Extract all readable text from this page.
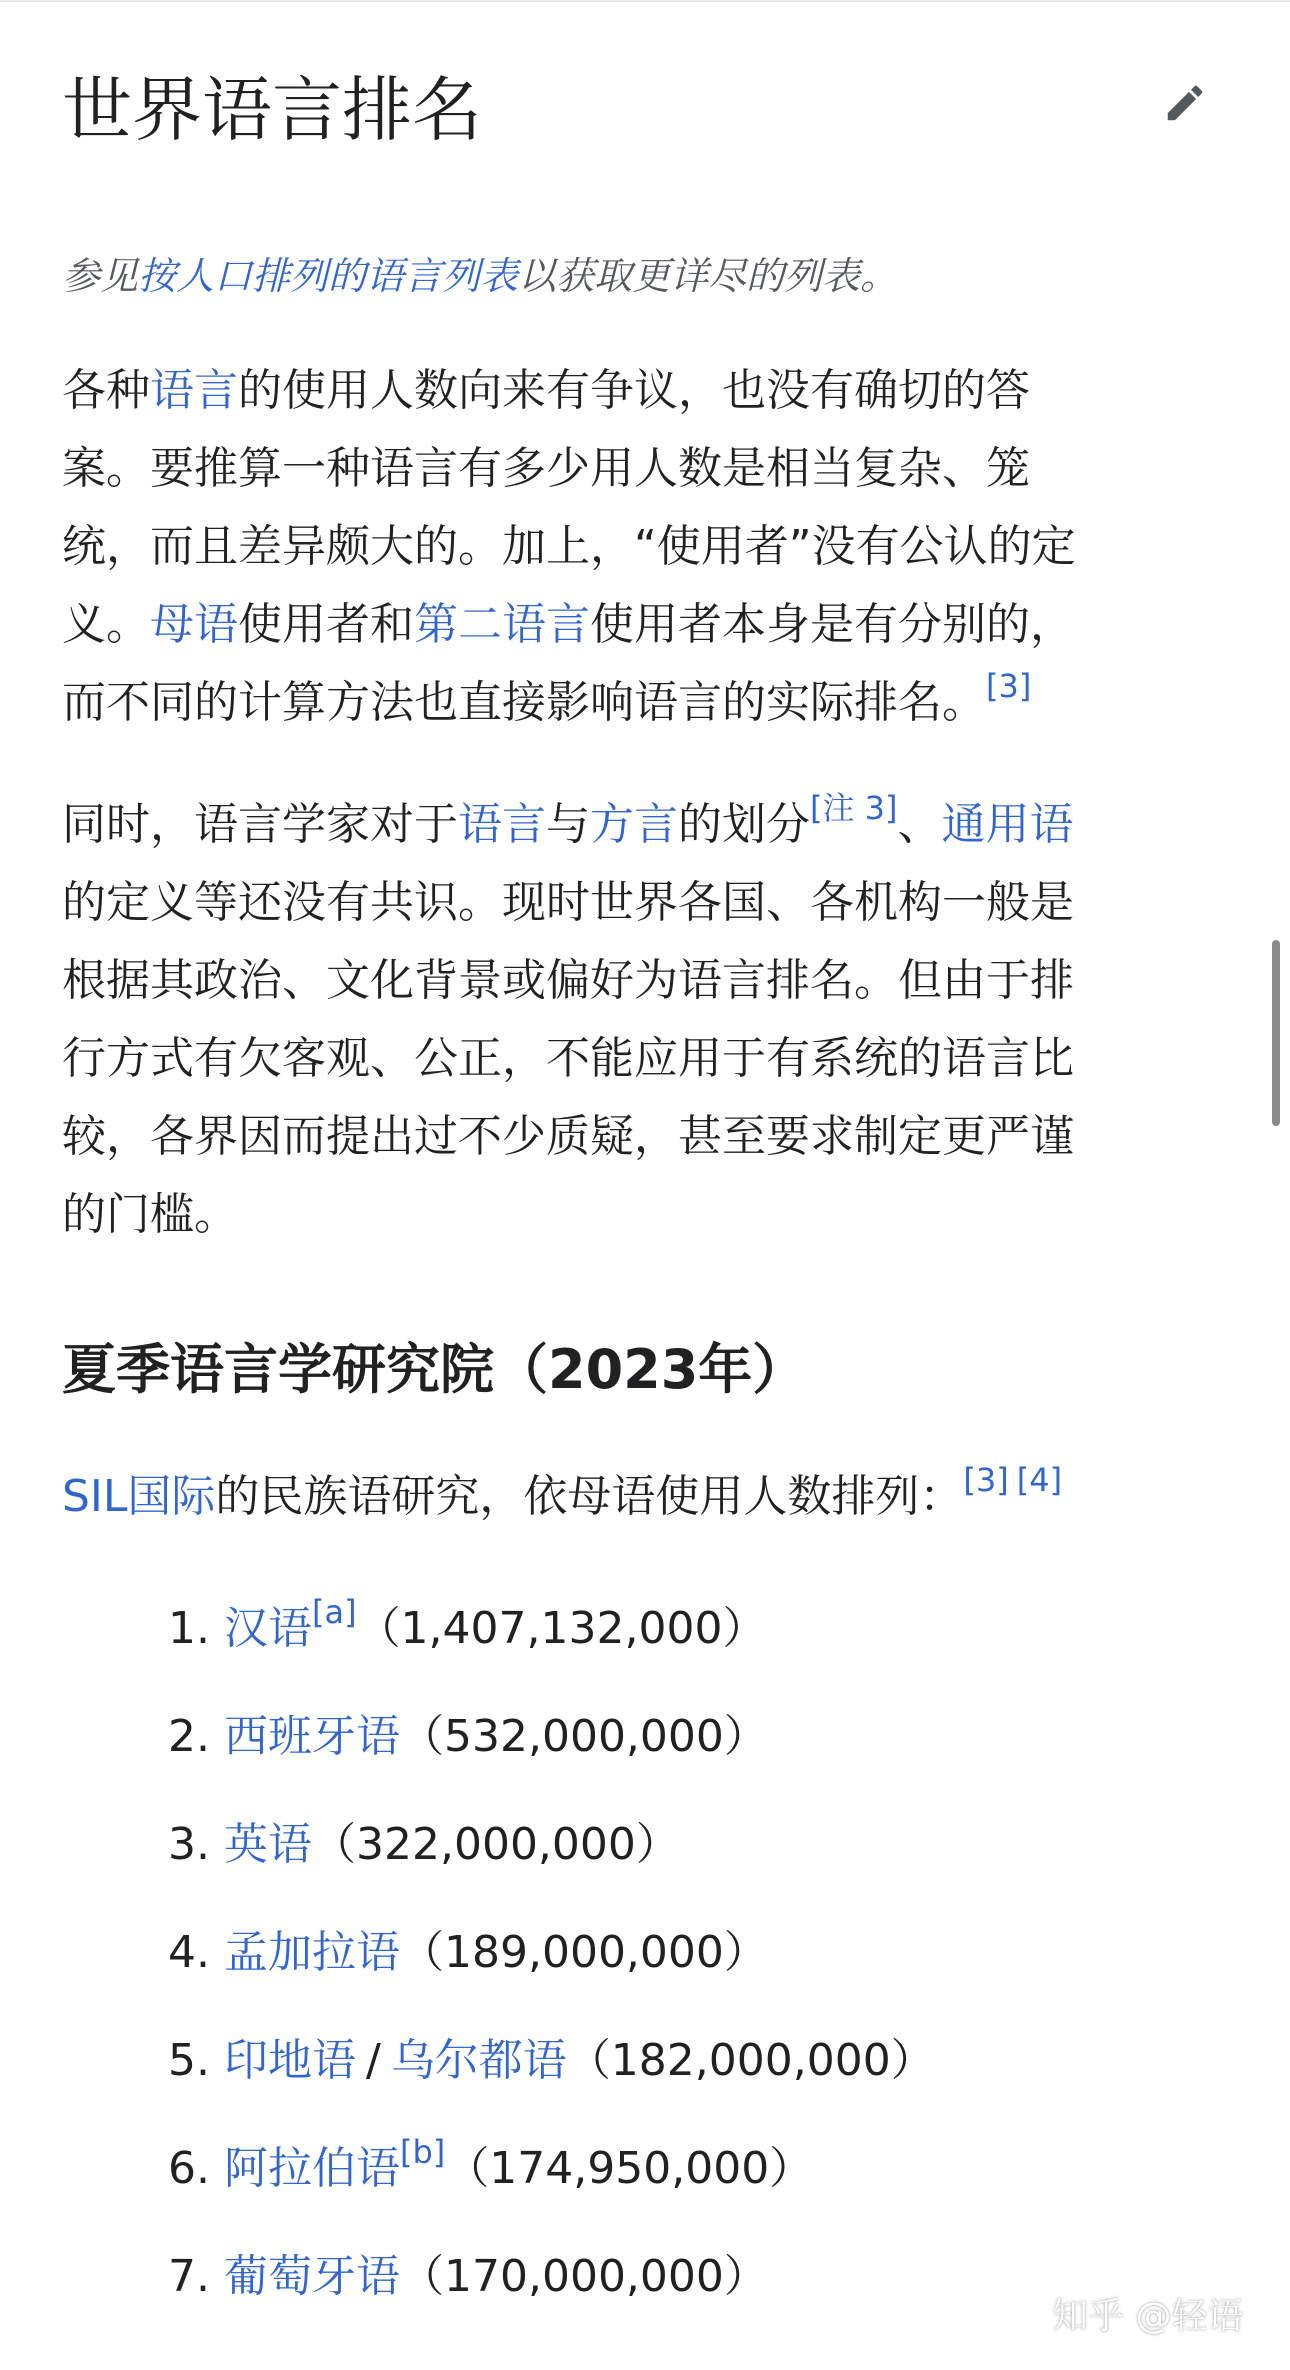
世界语言排名
参见按人口排列的语言列表以获取更详尽的列表。
各种语言的使用人数向来有争议，也没有确切的答
案。要推算一种语言有多少用人数是相当复杂、笼
统，而且差异颇大的。加上，“使用者”没有公认的定
义。母语使用者和第二语言使用者本身是有分别的，
而不同的计算方法也直接影响语言的实际排名。[3]
同时，语言学家对于语言与方言的划分[注 3]、通用语
的定义等还没有共识。现时世界各国、各机构一般是
根据其政治、文化背景或偏好为语言排名。但由于排
行方式有欠客观、公正，不能应用于有系统的语言比
较，各界因而提出过不少质疑，甚至要求制定更严谨
的门槛。
夏季语言学研究院（2023年）
SIL国际的民族语研究，依母语使用人数排列：[3] [4]
1. 汉语[a]（1,407,132,000）
2. 西班牙语（532,000,000）
3. 英语（322,000,000）
4. 孟加拉语（189,000,000）
5. 印地语 / 乌尔都语（182,000,000）
6. 阿拉伯语[b]（174,950,000）
7. 葡萄牙语（170,000,000）
知乎 @轻语
